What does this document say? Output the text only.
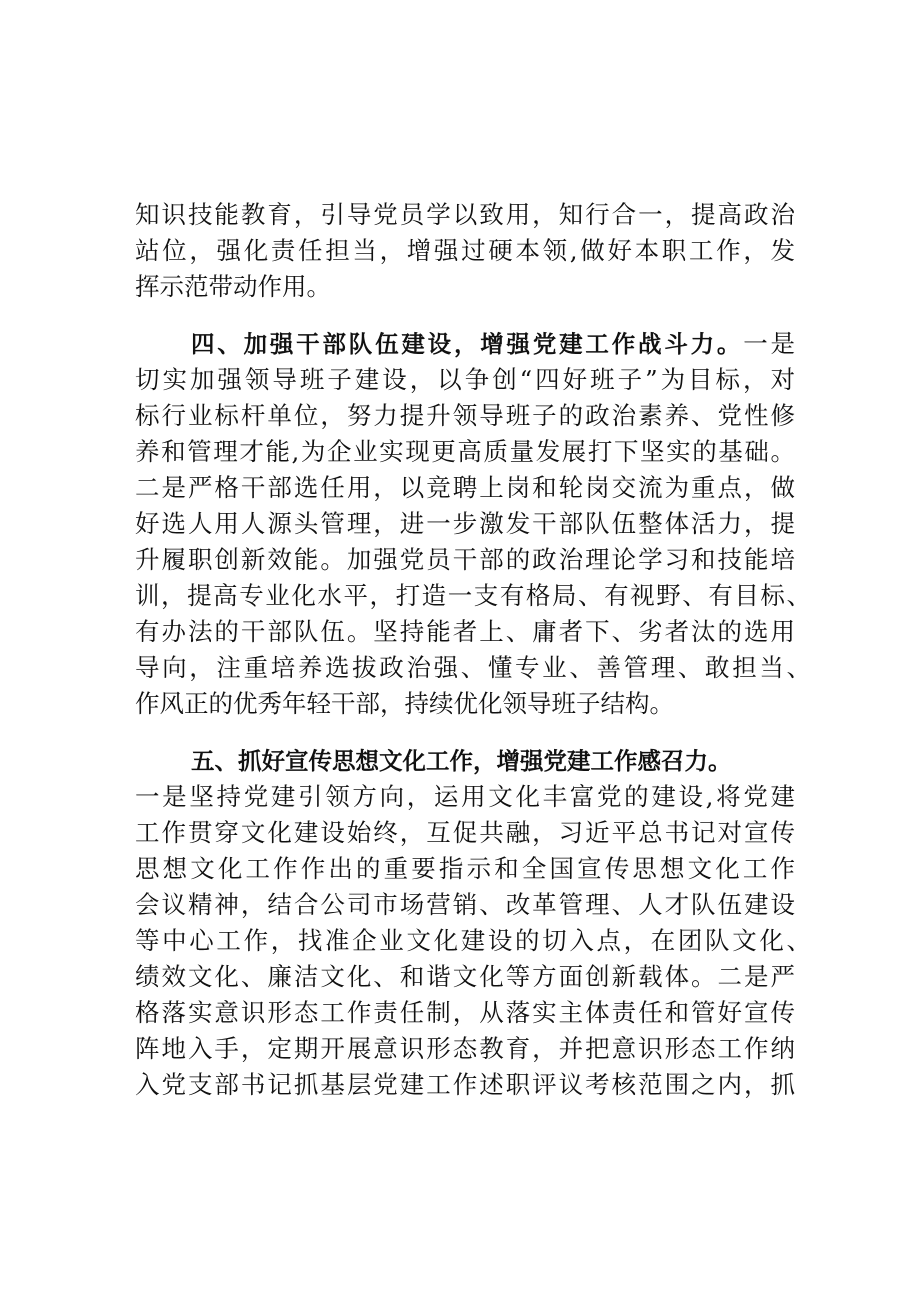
知识技能教育，引导党员学以致用，知行合一，提高政治
站位，强化责任担当，增强过硬本领,做好本职工作，发
挥示范带动作用。
四、加强干部队伍建设，增强党建工作战斗力。一是
切实加强领导班子建设，以争创“四好班子”为目标，对
标行业标杆单位，努力提升领导班子的政治素养、党性修
养和管理才能,为企业实现更高质量发展打下坚实的基础。
二是严格干部选任用，以竞聘上岗和轮岗交流为重点，做
好选人用人源头管理，进一步激发干部队伍整体活力，提
升履职创新效能。加强党员干部的政治理论学习和技能培
训，提高专业化水平，打造一支有格局、有视野、有目标、
有办法的干部队伍。坚持能者上、庸者下、劣者汰的选用
导向，注重培养选拔政治强、懂专业、善管理、敢担当、
作风正的优秀年轻干部，持续优化领导班子结构。
五、抓好宣传思想文化工作，增强党建工作感召力。
一是坚持党建引领方向，运用文化丰富党的建设,将党建
工作贯穿文化建设始终，互促共融，习近平总书记对宣传
思想文化工作作出的重要指示和全国宣传思想文化工作
会议精神，结合公司市场营销、改革管理、人才队伍建设
等中心工作，找准企业文化建设的切入点，在团队文化、
绩效文化、廉洁文化、和谐文化等方面创新载体。二是严
格落实意识形态工作责任制，从落实主体责任和管好宣传
阵地入手，定期开展意识形态教育，并把意识形态工作纳
入党支部书记抓基层党建工作述职评议考核范围之内，抓
